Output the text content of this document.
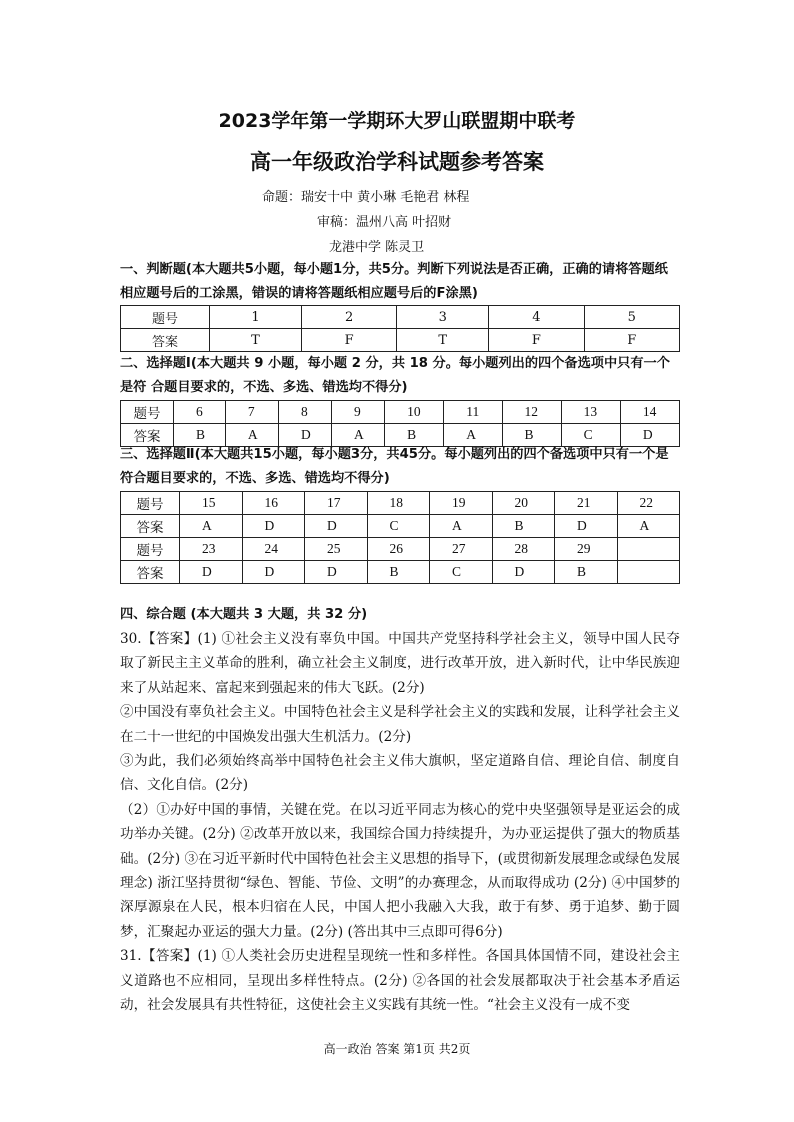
2023学年第一学期环大罗山联盟期中联考
高一年级政治学科试题参考答案
命题：瑞安十中 黄小琳 毛艳君 林程
审稿：温州八高 叶招财
龙港中学 陈灵卫
一、判断题(本大题共5小题，每小题1分，共5分。判断下列说法是否正确，正确的请将答题纸相应题号后的工涂黑，错误的请将答题纸相应题号后的F涂黑)
题号	1	2	3	4	5
答案	T	F	T	F	F
二、选择题Ⅰ(本大题共 9 小题，每小题 2 分，共 18 分。每小题列出的四个备选项中只有一个是符 合题目要求的，不选、多选、错选均不得分)
题号	6	7	8	9	10	11	12	13	14
答案	B	A	D	A	B	A	B	C	D
三、选择题Ⅱ(本大题共15小题，每小题3分，共45分。每小题列出的四个备选项中只有一个是符合题目要求的，不选、多选、错选均不得分)
题号	15	16	17	18	19	20	21	22
答案	A	D	D	C	A	B	D	A
题号	23	24	25	26	27	28	29	
答案	D	D	D	B	C	D	B	
四、综合题 (本大题共 3 大题，共 32 分)

30.【答案】(1) ①社会主义没有辜负中国。中国共产党坚持科学社会主义，领导中国人民夺取了新民主主义革命的胜利，确立社会主义制度，进行改革开放，进入新时代，让中华民族迎来了从站起来、富起来到强起来的伟大飞跃。(2分)

②中国没有辜负社会主义。中国特色社会主义是科学社会主义的实践和发展，让科学社会主义在二十一世纪的中国焕发出强大生机活力。(2分)

③为此，我们必须始终高举中国特色社会主义伟大旗帜，坚定道路自信、理论自信、制度自信、文化自信。(2分)

（2）①办好中国的事情，关键在党。在以习近平同志为核心的党中央坚强领导是亚运会的成功举办关键。(2分) ②改革开放以来，我国综合国力持续提升，为办亚运提供了强大的物质基础。(2分) ③在习近平新时代中国特色社会主义思想的指导下，(或贯彻新发展理念或绿色发展理念) 浙江坚持贯彻“绿色、智能、节俭、文明”的办赛理念，从而取得成功 (2分) ④中国梦的深厚源泉在人民，根本归宿在人民，中国人把小我融入大我，敢于有梦、勇于追梦、勤于圆梦，汇聚起办亚运的强大力量。(2分) (答出其中三点即可得6分)

31.【答案】(1) ①人类社会历史进程呈现统一性和多样性。各国具体国情不同，建设社会主义道路也不应相同，呈现出多样性特点。(2分) ②各国的社会发展都取决于社会基本矛盾运动，社会发展具有共性特征，这使社会主义实践有其统一性。“社会主义没有一成不变

高一政治 答案 第1页 共2页
